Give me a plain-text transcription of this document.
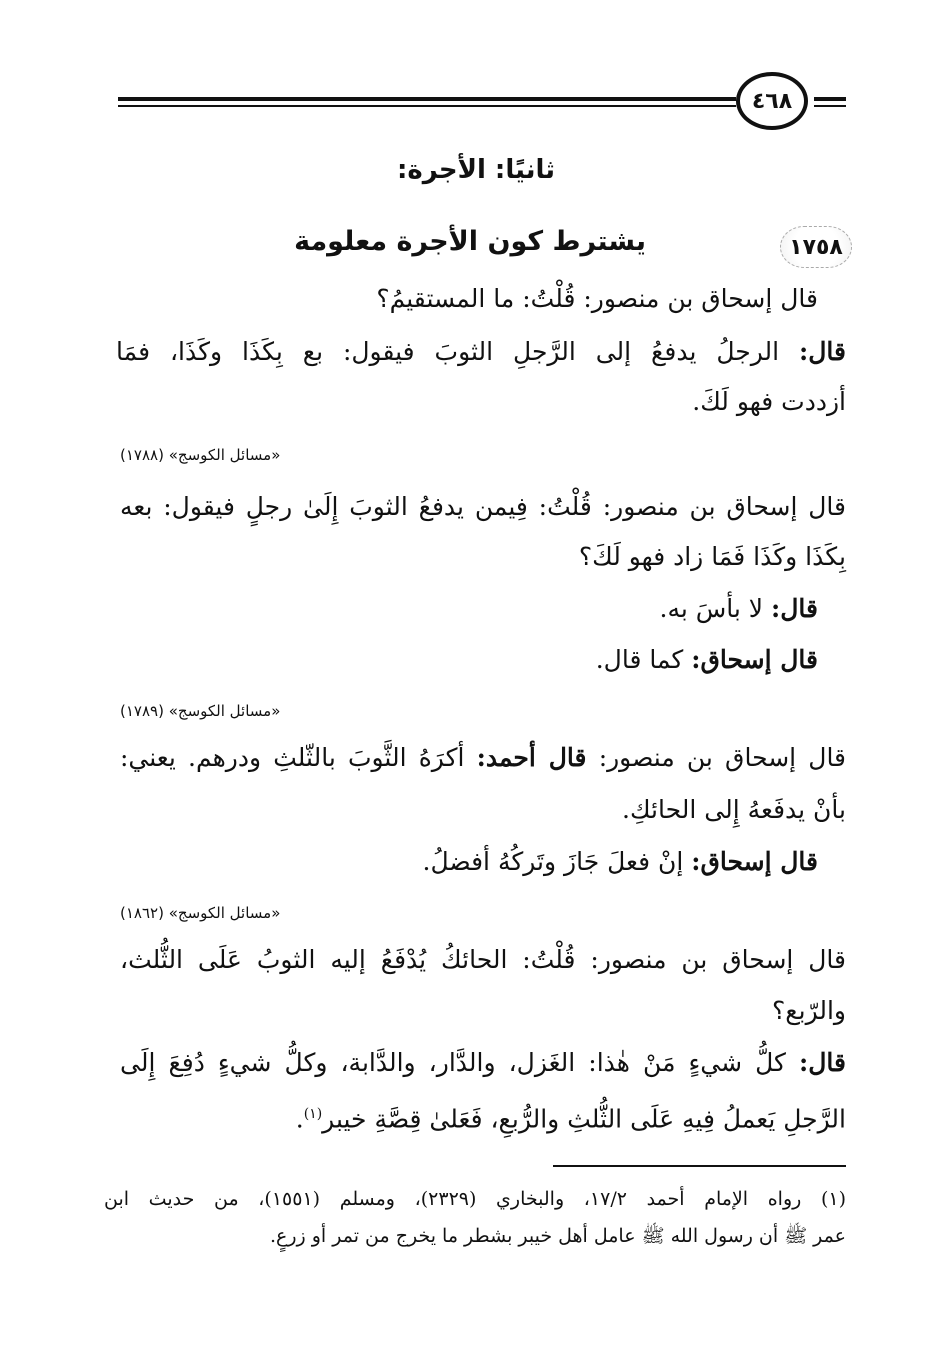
٤٦٨
ثانيًا: الأجرة:
١٧٥٨
يشترط كون الأجرة معلومة
قال إسحاق بن منصور: قُلْتُ: ما المستقيمُ؟
قال: الرجلُ يدفعُ إلى الرَّجلِ الثوبَ فيقول: بع بِكَذَا وكَذَا، فمَا
أزددت فهو لَكَ.
«مسائل الكوسج» (١٧٨٨)
قال إسحاق بن منصور: قُلْتُ: فِيمن يدفعُ الثوبَ إِلَىٰ رجلٍ فيقول: بعه
بِكَذَا وكَذَا فَمَا زاد فهو لَكَ؟
قال: لا بأسَ به.
قال إسحاق: كما قال.
«مسائل الكوسج» (١٧٨٩)
قال إسحاق بن منصور: قال أحمد: أكرَهُ الثَّوبَ بالثّلثِ ودرهم. يعني:
بأنْ يدفَعهُ إِلى الحائكِ.
قال إسحاق: إنْ فعلَ جَازَ وتَركُهُ أفضلُ.
«مسائل الكوسج» (١٨٦٢)
قال إسحاق بن منصور: قُلْتُ: الحائكُ يُدْفَعُ إليه الثوبُ عَلَى الثُّلث،
والرّبع؟
قال: كلُّ شيءٍ مَنْ هٰذا: الغَزل، والدَّار، والدَّابة، وكلُّ شيءٍ دُفِعَ إِلَى
الرَّجلِ يَعملُ فِيهِ عَلَى الثُّلثِ والرُّبعِ، فَعَلىٰ قِصَّةِ خيبر$^{(١)}$.
(١) رواه الإمام أحمد ١٧/٢، والبخاري (٢٣٢٩)، ومسلم (١٥٥١)، من حديث ابن
عمر ﷺ أن رسول الله ﷺ عامل أهل خيبر بشطر ما يخرج من تمر أو زرعٍ.
